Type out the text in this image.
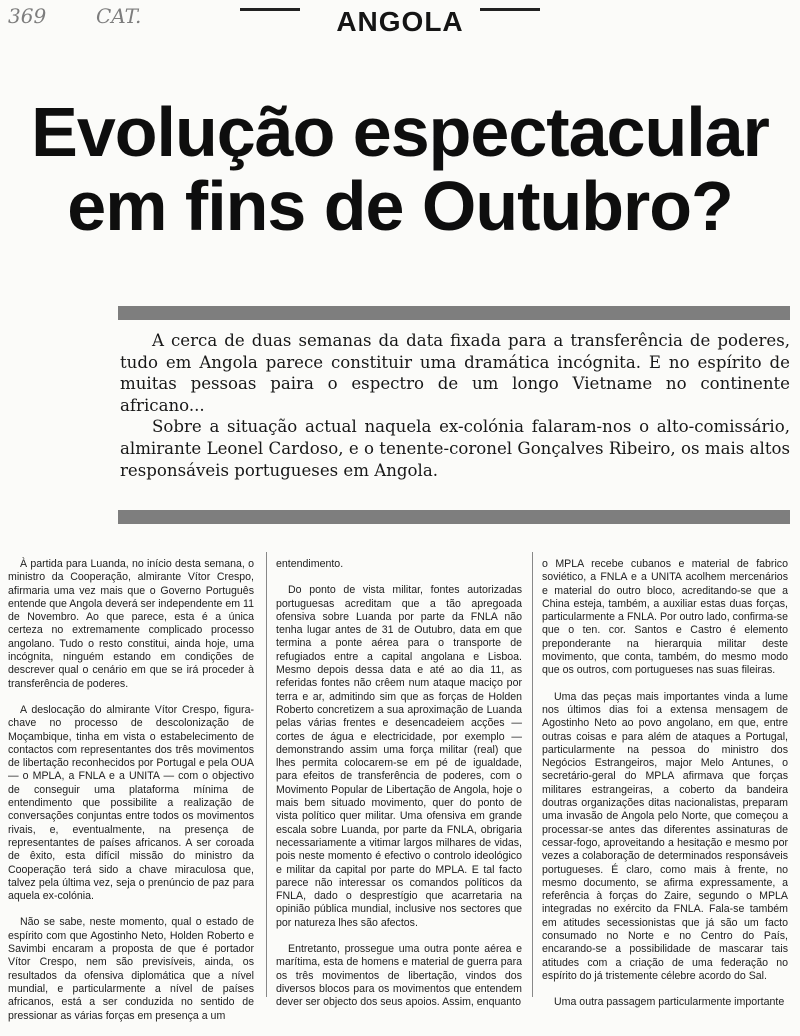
369 CAT.	ANGOLA
Evolução espectacular em fins de Outubro?

A cerca de duas semanas da data fixada para a transferência de poderes, tudo em Angola parece constituir uma dramática incógnita. E no espírito de muitas pessoas paira o espectro de um longo Vietname no continente africano...

Sobre a situação actual naquela ex-colónia falaram-nos o alto-comissário, almirante Leonel Cardoso, e o tenente-coronel Gonçalves Ribeiro, os mais altos responsáveis portugueses em Angola.

À partida para Luanda, no início desta semana, o ministro da Cooperação, almirante Vítor Crespo, afirmaria uma vez mais que o Governo Português entende que Angola deverá ser independente em 11 de Novembro. Ao que parece, esta é a única certeza no extremamente complicado processo angolano. Tudo o resto constitui, ainda hoje, uma incógnita, ninguém estando em condições de descrever qual o cenário em que se irá proceder à transferência de poderes.

A deslocação do almirante Vítor Crespo, figura-chave no processo de descolonização de Moçambique, tinha em vista o estabelecimento de contactos com representantes dos três movimentos de libertação reconhecidos por Portugal e pela OUA — o MPLA, a FNLA e a UNITA — com o objectivo de conseguir uma plataforma mínima de entendimento que possibilite a realização de conversações conjuntas entre todos os movimentos rivais, e, eventualmente, na presença de representantes de países africanos. A ser coroada de êxito, esta difícil missão do ministro da Cooperação terá sido a chave miraculosa que, talvez pela última vez, seja o prenúncio de paz para aquela ex-colónia.

Não se sabe, neste momento, qual o estado de espírito com que Agostinho Neto, Holden Roberto e Savimbi encaram a proposta de que é portador Vítor Crespo, nem são previsíveis, ainda, os resultados da ofensiva diplomática que a nível mundial, e particularmente a nível de países africanos, está a ser conduzida no sentido de pressionar as várias forças em presença a um

entendimento.

Do ponto de vista militar, fontes autorizadas portuguesas acreditam que a tão apregoada ofensiva sobre Luanda por parte da FNLA não tenha lugar antes de 31 de Outubro, data em que termina a ponte aérea para o transporte de refugiados entre a capital angolana e Lisboa. Mesmo depois dessa data e até ao dia 11, as referidas fontes não crêem num ataque maciço por terra e ar, admitindo sim que as forças de Holden Roberto concretizem a sua aproximação de Luanda pelas várias frentes e desencadeiem acções — cortes de água e electricidade, por exemplo — demonstrando assim uma força militar (real) que lhes permita colocarem-se em pé de igualdade, para efeitos de transferência de poderes, com o Movimento Popular de Libertação de Angola, hoje o mais bem situado movimento, quer do ponto de vista político quer militar. Uma ofensiva em grande escala sobre Luanda, por parte da FNLA, obrigaria necessariamente a vitimar largos milhares de vidas, pois neste momento é efectivo o controlo ideológico e militar da capital por parte do MPLA. E tal facto parece não interessar os comandos políticos da FNLA, dado o desprestígio que acarretaria na opinião pública mundial, inclusive nos sectores que por natureza lhes são afectos.

Entretanto, prossegue uma outra ponte aérea e marítima, esta de homens e material de guerra para os três movimentos de libertação, vindos dos diversos blocos para os movimentos que entendem dever ser objecto dos seus apoios. Assim, enquanto

o MPLA recebe cubanos e material de fabrico soviético, a FNLA e a UNITA acolhem mercenários e material do outro bloco, acreditando-se que a China esteja, também, a auxiliar estas duas forças, particularmente a FNLA. Por outro lado, confirma-se que o ten. cor. Santos e Castro é elemento preponderante na hierarquia militar deste movimento, que conta, também, do mesmo modo que os outros, com portugueses nas suas fileiras.

Uma das peças mais importantes vinda a lume nos últimos dias foi a extensa mensagem de Agostinho Neto ao povo angolano, em que, entre outras coisas e para além de ataques a Portugal, particularmente na pessoa do ministro dos Negócios Estrangeiros, major Melo Antunes, o secretário-geral do MPLA afirmava que forças militares estrangeiras, a coberto da bandeira doutras organizações ditas nacionalistas, preparam uma invasão de Angola pelo Norte, que começou a processar-se antes das diferentes assinaturas de cessar-fogo, aproveitando a hesitação e mesmo por vezes a colaboração de determinados responsáveis portugueses. É claro, como mais à frente, no mesmo documento, se afirma expressamente, a referência à forças do Zaire, segundo o MPLA integradas no exército da FNLA. Fala-se também em atitudes secessionistas que já são um facto consumado no Norte e no Centro do País, encarando-se a possibilidade de mascarar tais atitudes com a criação de uma federação no espírito do já tristemente célebre acordo do Sal.

Uma outra passagem particularmente importante
